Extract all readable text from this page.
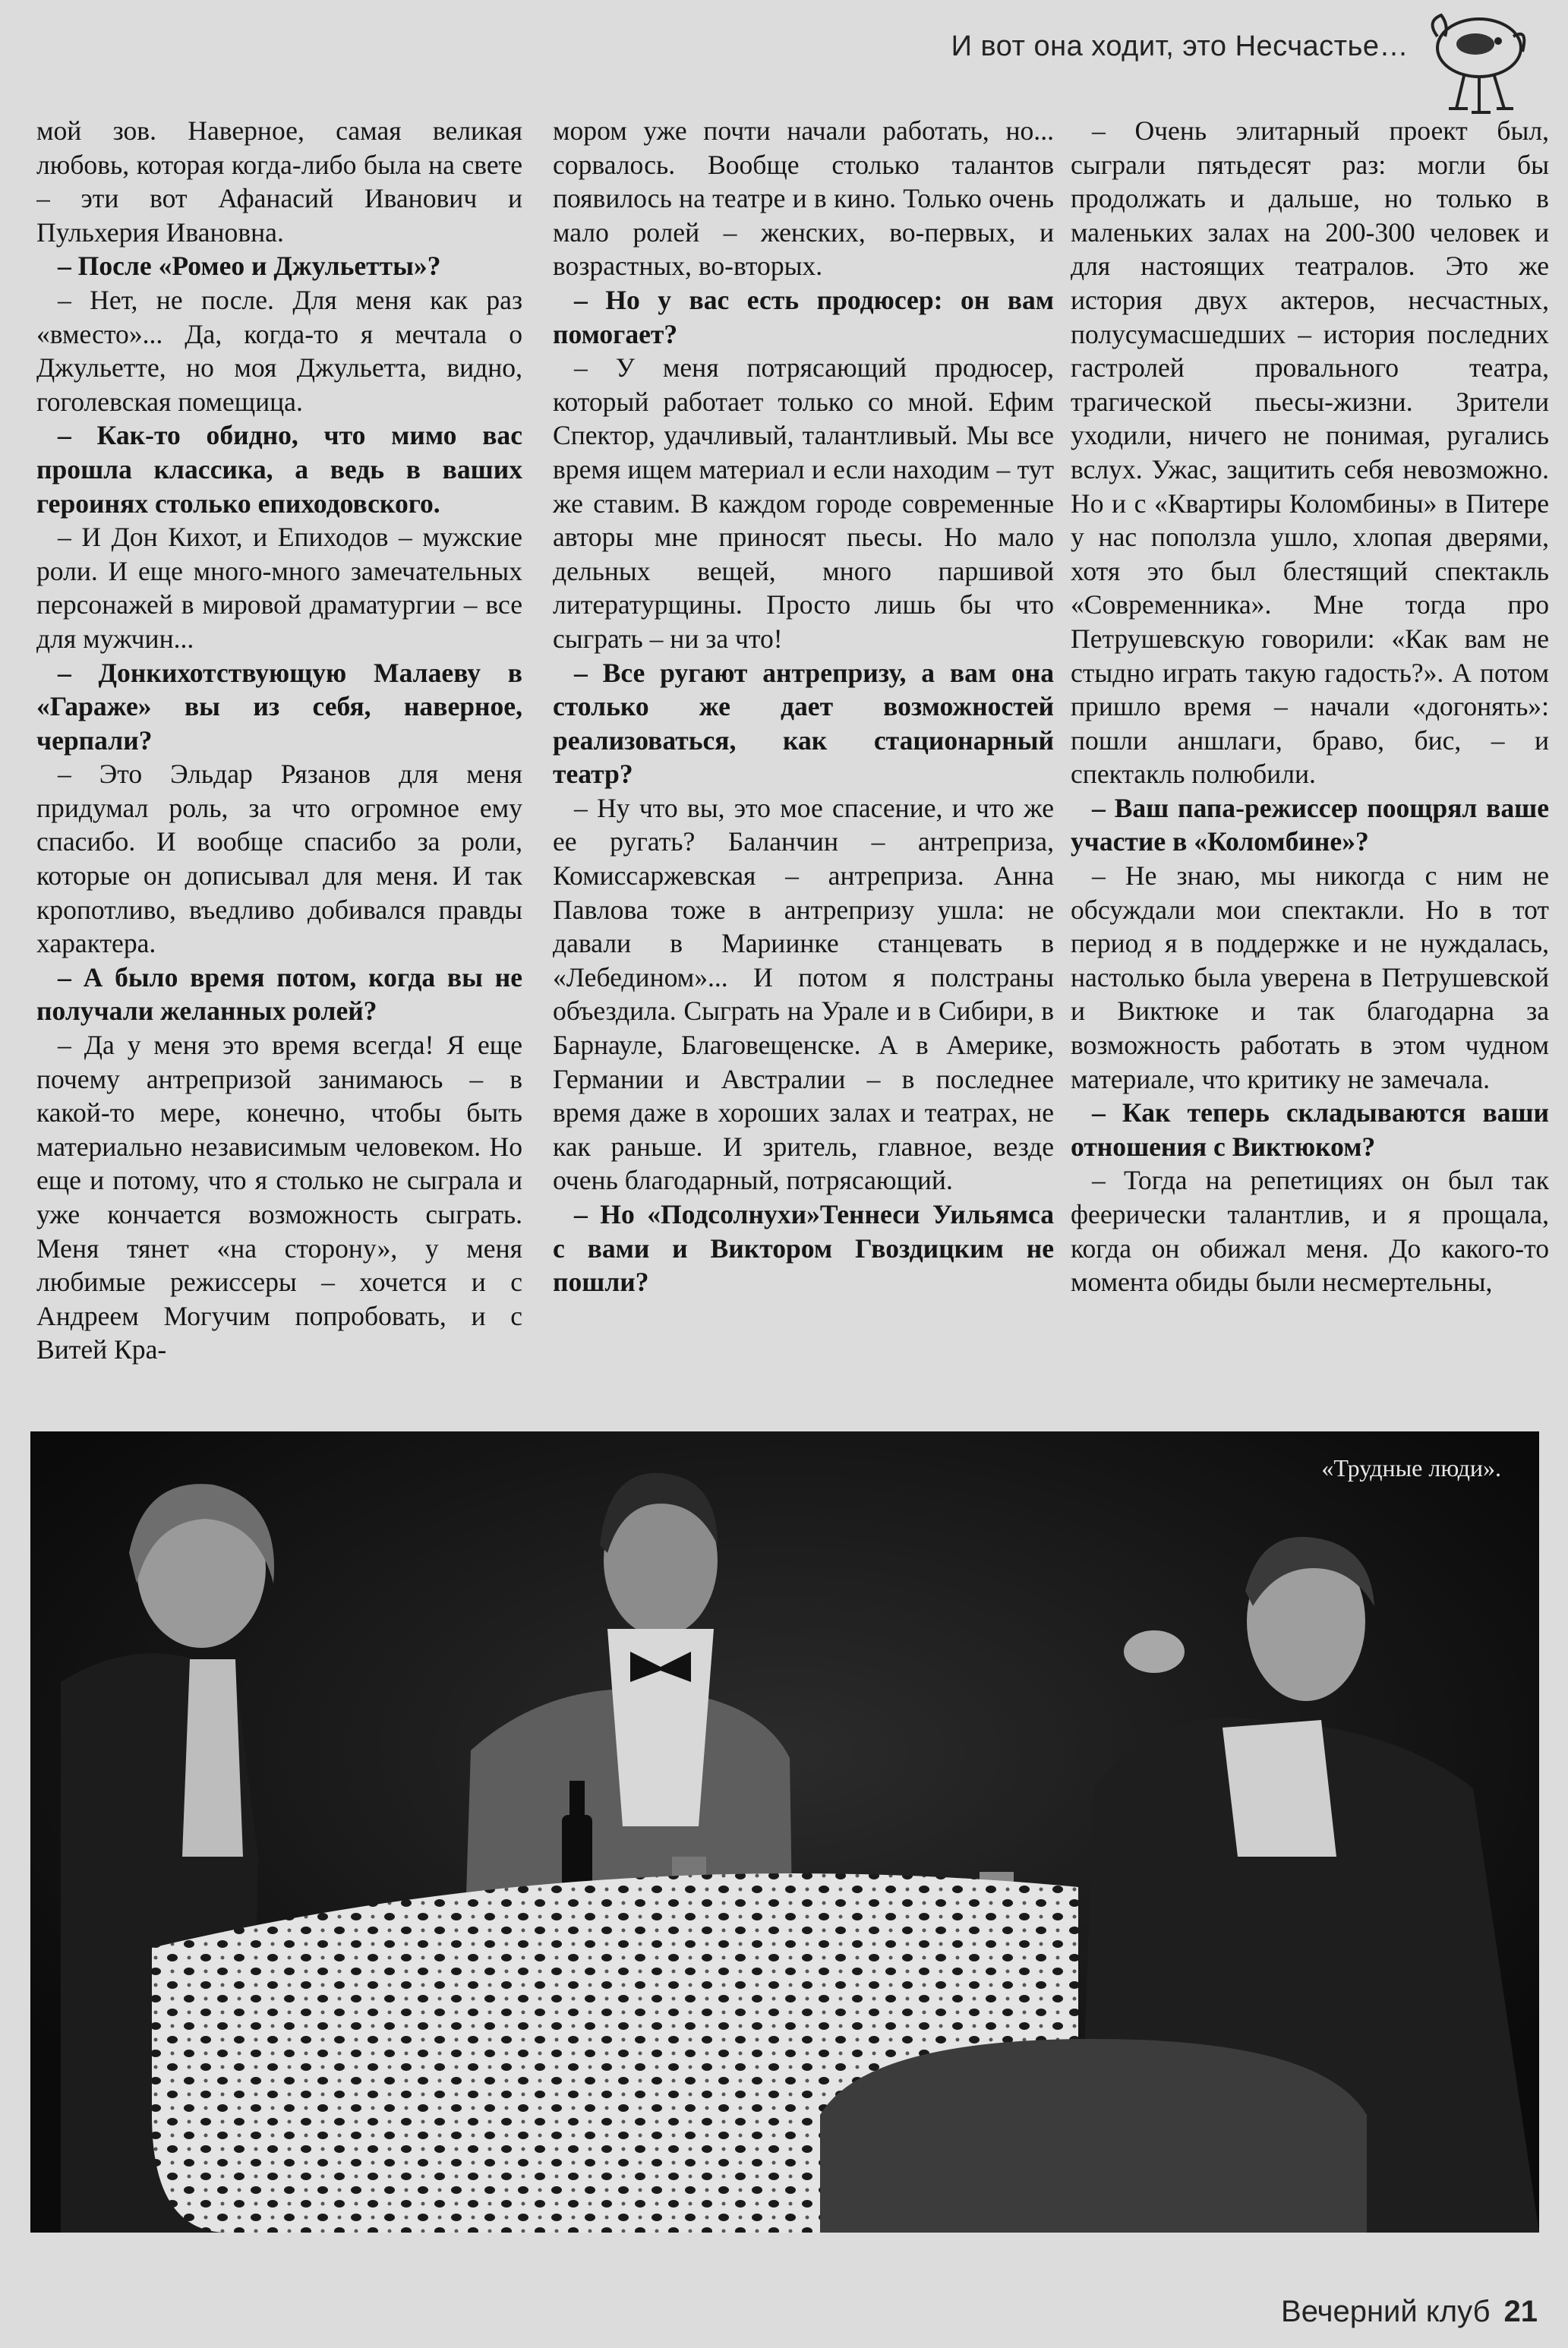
И вот она ходит, это Несчастье…

мой зов. Наверное, самая великая любовь, которая когда-либо была на свете – эти вот Афанасий Иванович и Пульхерия Ивановна.

– После «Ромео и Джульетты»?

– Нет, не после. Для меня как раз «вместо»... Да, когда-то я мечтала о Джульетте, но моя Джульетта, видно, гоголевская помещица.

– Как-то обидно, что мимо вас прошла классика, а ведь в ваших героинях столько епиходовского.

– И Дон Кихот, и Епиходов – мужские роли. И еще много-много замечательных персонажей в мировой драматургии – все для мужчин...

– Донкихотствующую Малаеву в «Гараже» вы из себя, наверное, черпали?

– Это Эльдар Рязанов для меня придумал роль, за что огромное ему спасибо. И вообще спасибо за роли, которые он дописывал для меня. И так кропотливо, въедливо добивался правды характера.

– А было время потом, когда вы не получали желанных ролей?

– Да у меня это время всегда! Я еще почему антрепризой занимаюсь – в какой-то мере, конечно, чтобы быть материально независимым человеком. Но еще и потому, что я столько не сыграла и уже кончается возможность сыграть. Меня тянет «на сторону», у меня любимые режиссеры – хочется и с Андреем Могучим попробовать, и с Витей Кра-

мором уже почти начали работать, но... сорвалось. Вообще столько талантов появилось на театре и в кино. Только очень мало ролей – женских, во-первых, и возрастных, во-вторых.

– Но у вас есть продюсер: он вам помогает?

– У меня потрясающий продюсер, который работает только со мной. Ефим Спектор, удачливый, талантливый. Мы все время ищем материал и если находим – тут же ставим. В каждом городе современные авторы мне приносят пьесы. Но мало дельных вещей, много паршивой литературщины. Просто лишь бы что сыграть – ни за что!

– Все ругают антрепризу, а вам она столько же дает возможностей реализоваться, как стационарный театр?

– Ну что вы, это мое спасение, и что же ее ругать? Баланчин – антреприза, Комиссаржевская – антреприза. Анна Павлова тоже в антрепризу ушла: не давали в Мариинке станцевать в «Лебедином»... И потом я полстраны объездила. Сыграть на Урале и в Сибири, в Барнауле, Благовещенске. А в Америке, Германии и Австралии – в последнее время даже в хороших залах и театрах, не как раньше. И зритель, главное, везде очень благодарный, потрясающий.

– Но «Подсолнухи»Теннеси Уильямса с вами и Виктором Гвоздицким не пошли?

– Очень элитарный проект был, сыграли пятьдесят раз: могли бы продолжать и дальше, но только в маленьких залах на 200-300 человек и для настоящих театралов. Это же история двух актеров, несчастных, полусумасшедших – история последних гастролей провального театра, трагической пьесы-жизни. Зрители уходили, ничего не понимая, ругались вслух. Ужас, защитить себя невозможно. Но и с «Квартиры Коломбины» в Питере у нас поползла ушло, хлопая дверями, хотя это был блестящий спектакль «Современника». Мне тогда про Петрушевскую говорили: «Как вам не стыдно играть такую гадость?». А потом пришло время – начали «догонять»: пошли аншлаги, браво, бис, – и спектакль полюбили.

– Ваш папа-режиссер поощрял ваше участие в «Коломбине»?

– Не знаю, мы никогда с ним не обсуждали мои спектакли. Но в тот период я в поддержке и не нуждалась, настолько была уверена в Петрушевской и Виктюке и так благодарна за возможность работать в этом чудном материале, что критику не замечала.

– Как теперь складываются ваши отношения с Виктюком?

– Тогда на репетициях он был так феерически талантлив, и я прощала, когда он обижал меня. До какого-то момента обиды были несмертельны,

«Трудные люди».
Вечерний клуб 21
